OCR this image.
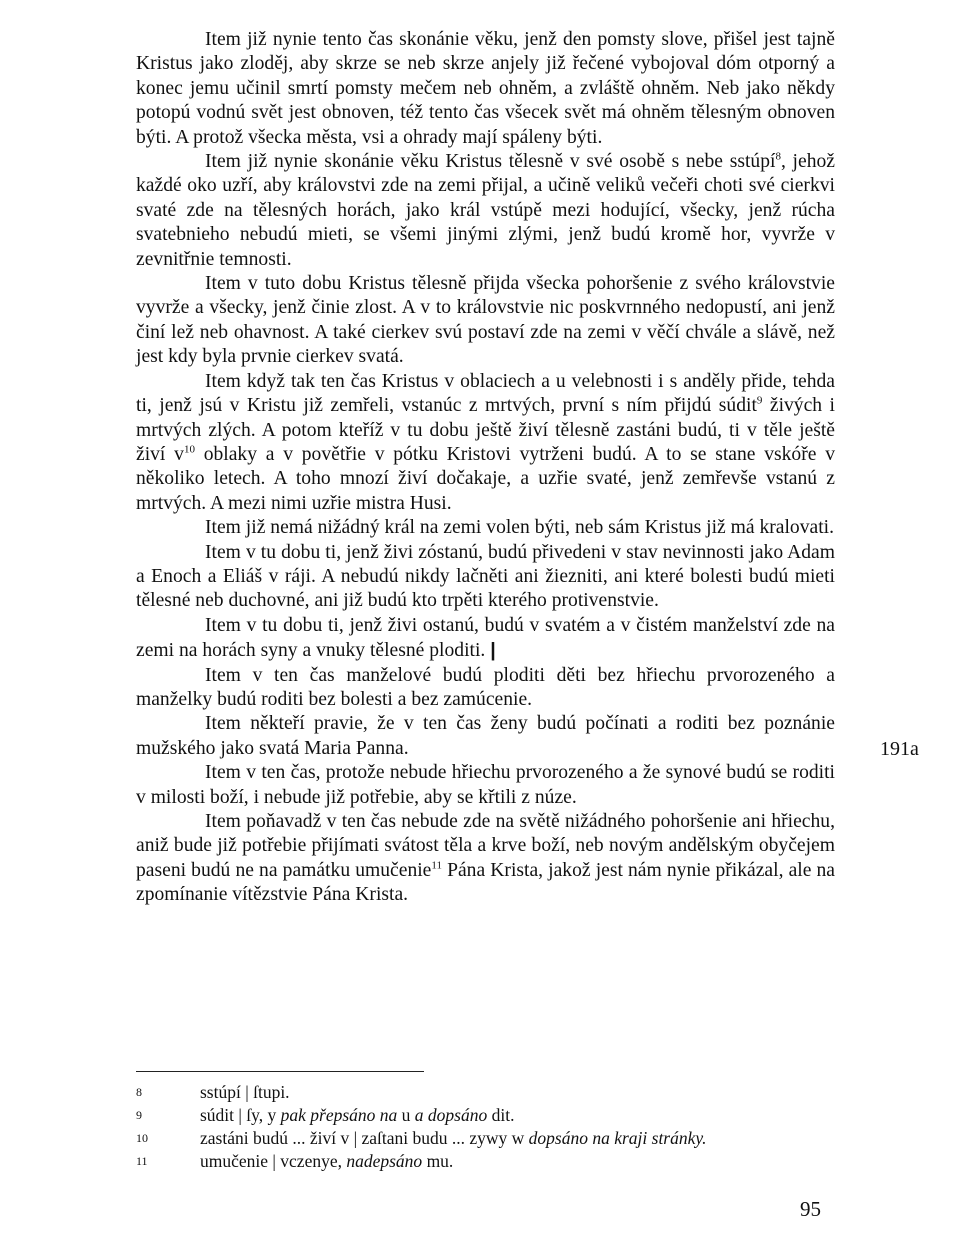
Item již nynie tento čas skonánie věku, jenž den pomsty slove, přišel jest tajně Kristus jako zloděj, aby skrze se neb skrze anjely již řečené vybojoval dóm otporný a konec jemu učinil smrtí pomsty mečem neb ohněm, a zvláště ohněm. Neb jako někdy potopú vodnú svět jest obnoven, též tento čas všecek svět má ohněm tělesným obnoven býti. A protož všecka města, vsi a ohrady mají spáleny býti.

Item již nynie skonánie věku Kristus tělesně v své osobě s nebe sstúpí$^8$, jehož každé oko uzří, aby královstvi zde na zemi přijal, a učině veliků večeři choti své cierkvi svaté zde na tělesných horách, jako král vstúpě mezi hodující, všecky, jenž rúcha svatebnieho nebudú mieti, se všemi jinými zlými, jenž budú kromě hor, vyvrže v zevnitřnie temnosti.

Item v tuto dobu Kristus tělesně přijda všecka pohoršenie z svého královstvie vyvrže a všecky, jenž činie zlost. A v to královstvie nic poskvrnného nedopustí, ani jenž činí lež neb ohavnost. A také cierkev svú postaví zde na zemi v věčí chvále a slávě, než jest kdy byla prvnie cierkev svatá.

Item když tak ten čas Kristus v oblaciech a u velebnosti i s anděly přide, tehda ti, jenž jsú v Kristu již zemřeli, vstanúc z mrtvých, první s ním přijdú súdit$^9$ živých i mrtvých zlých. A potom kteříž v tu dobu ještě živí tělesně zastáni budú, ti v těle ještě živí $v^{10}$ oblaky a v povětřie v pótku Kristovi vytrženi budú. A to se stane vskóře v několiko letech. A toho mnozí živí dočakaje, a uzřie svaté, jenž zemřevše vstanú z mrtvých. A mezi nimi uzřie mistra Husi.

Item již nemá nižádný král na zemi volen býti, neb sám Kristus již má kralovati.

Item v tu dobu ti, jenž živi zóstanú, budú přivedeni v stav nevinnosti jako Adam a Enoch a Eliáš v ráji. A nebudú nikdy lačněti ani žiezniti, ani které bolesti budú mieti tělesné neb duchovné, ani již budú kto trpěti kterého protivenstvie.

Item v tu dobu ti, jenž živi ostanú, budú v svatém a v čistém manželství zde na zemi na horách syny a vnuky tělesné ploditi. |

Item v ten čas manželové budú ploditi děti bez hřiechu prvorozeného a manželky budú roditi bez bolesti a bez zamúcenie.

Item někteří pravie, že v ten čas ženy budú počínati a roditi bez poznánie mužského jako svatá Maria Panna.

Item v ten čas, protože nebude hřiechu prvorozeného a že synové budú se roditi v milosti boží, i nebude již potřebie, aby se křtili z núze.

Item poňavadž v ten čas nebude zde na světě nižádného pohoršenie ani hřiechu, aniž bude již potřebie přijímati svátost těla a krve boží, neb novým andělským obyčejem paseni budú ne na památku umučenie$^{11}$ Pána Krista, jakož jest nám nynie přikázal, ale na zpomínanie vítězstvie Pána Krista.

191a
8	sstúpí | ſtupi.
9	súdit | ſy, y pak přepsáno na u a dopsáno dit.
10	zastáni budú ... živí v | zaſtani budu ... zywy w dopsáno na kraji stránky.
11	umučenie | vczenye, nadepsáno mu.
95
